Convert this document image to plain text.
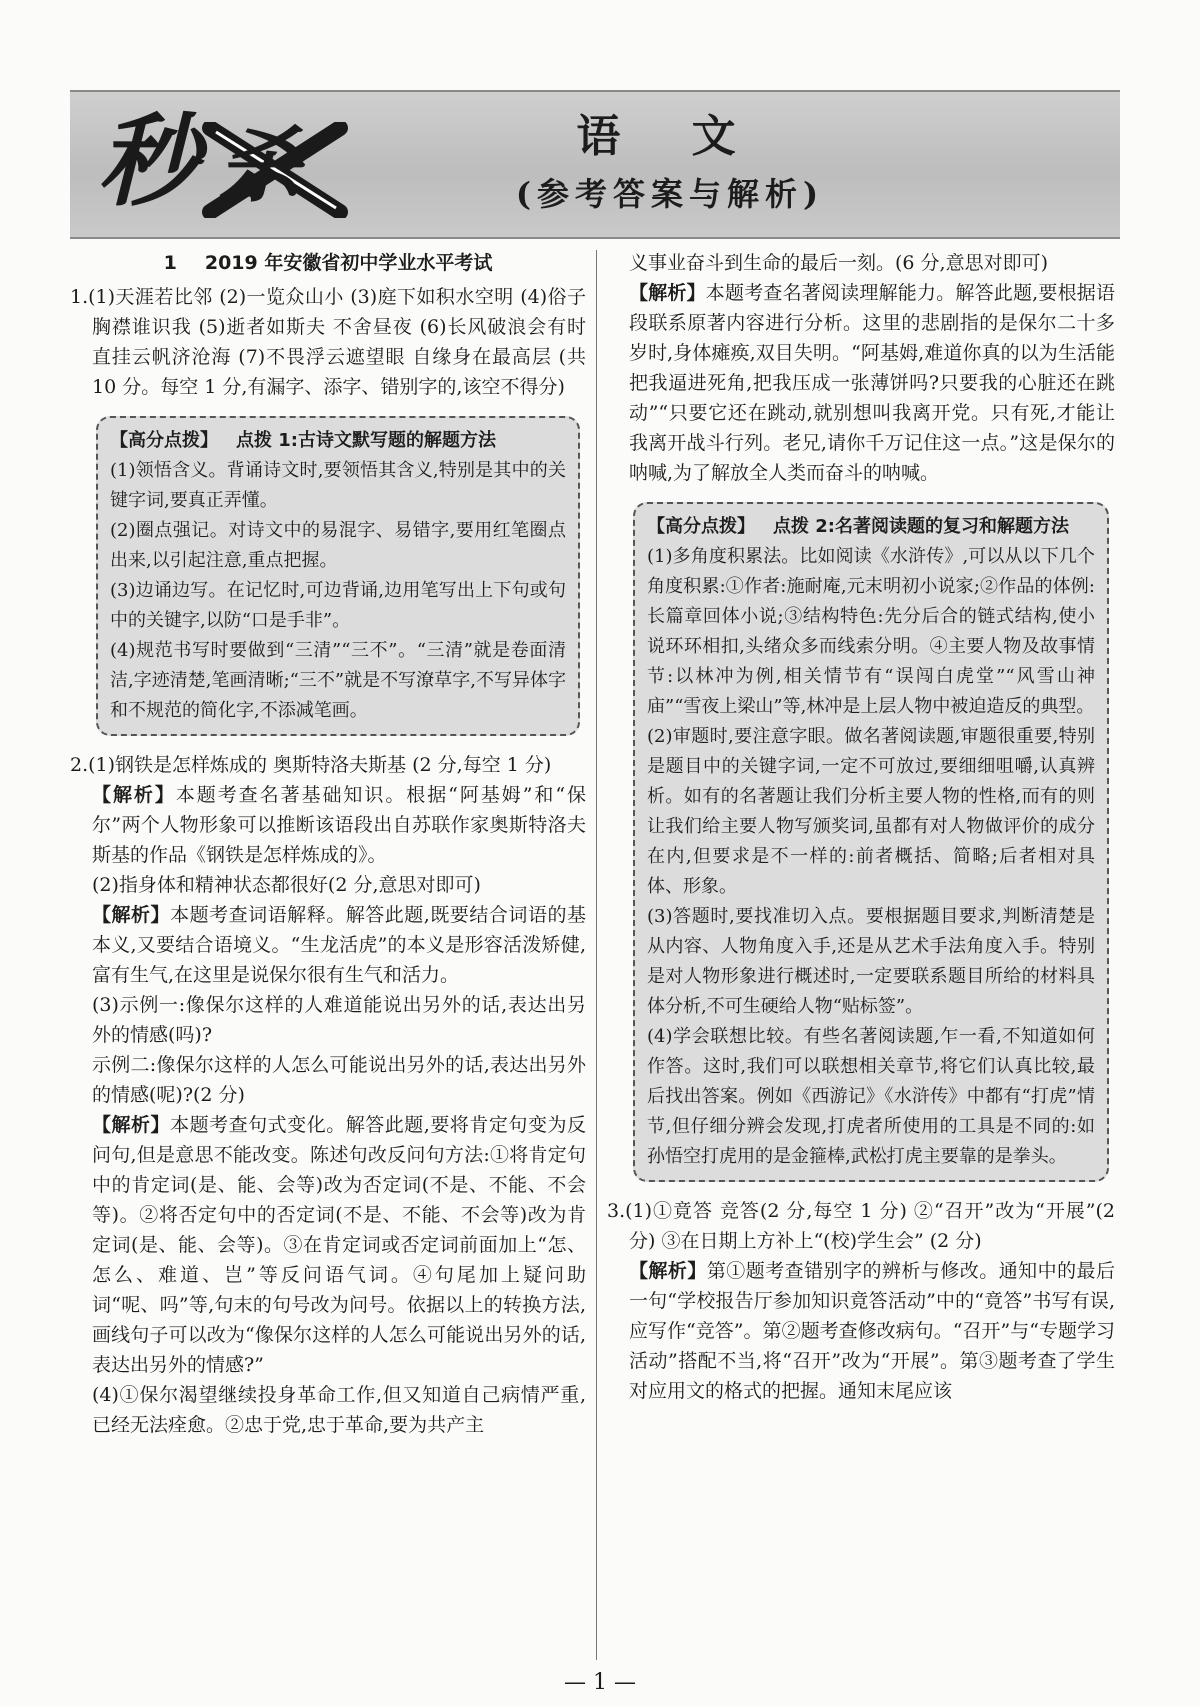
秒 杀	语 文
(参考答案与解析)

1 2019 年安徽省初中学业水平考试

1.(1)天涯若比邻 (2)一览众山小 (3)庭下如积水空明 (4)俗子胸襟谁识我 (5)逝者如斯夫 不舍昼夜 (6)长风破浪会有时 直挂云帆济沧海 (7)不畏浮云遮望眼 自缘身在最高层 (共 10 分。每空 1 分,有漏字、添字、错别字的,该空不得分)

【高分点拨】 点拨 1:古诗文默写题的解题方法

(1)领悟含义。背诵诗文时,要领悟其含义,特别是其中的关键字词,要真正弄懂。

(2)圈点强记。对诗文中的易混字、易错字,要用红笔圈点出来,以引起注意,重点把握。

(3)边诵边写。在记忆时,可边背诵,边用笔写出上下句或句中的关键字,以防“口是手非”。

(4)规范书写时要做到“三清”“三不”。“三清”就是卷面清洁,字迹清楚,笔画清晰;“三不”就是不写潦草字,不写异体字和不规范的简化字,不添减笔画。

2.(1)钢铁是怎样炼成的 奥斯特洛夫斯基 (2 分,每空 1 分)

【解析】本题考查名著基础知识。根据“阿基姆”和“保尔”两个人物形象可以推断该语段出自苏联作家奥斯特洛夫斯基的作品《钢铁是怎样炼成的》。

(2)指身体和精神状态都很好(2 分,意思对即可)

【解析】本题考查词语解释。解答此题,既要结合词语的基本义,又要结合语境义。“生龙活虎”的本义是形容活泼矫健,富有生气,在这里是说保尔很有生气和活力。

(3)示例一:像保尔这样的人难道能说出另外的话,表达出另外的情感(吗)?

示例二:像保尔这样的人怎么可能说出另外的话,表达出另外的情感(呢)?(2 分)

【解析】本题考查句式变化。解答此题,要将肯定句变为反问句,但是意思不能改变。陈述句改反问句方法:①将肯定句中的肯定词(是、能、会等)改为否定词(不是、不能、不会等)。②将否定句中的否定词(不是、不能、不会等)改为肯定词(是、能、会等)。③在肯定词或否定词前面加上“怎、怎么、难道、岂”等反问语气词。④句尾加上疑问助词“呢、吗”等,句末的句号改为问号。依据以上的转换方法,画线句子可以改为“像保尔这样的人怎么可能说出另外的话,表达出另外的情感?”

(4)①保尔渴望继续投身革命工作,但又知道自己病情严重,已经无法痊愈。②忠于党,忠于革命,要为共产主

义事业奋斗到生命的最后一刻。(6 分,意思对即可)

【解析】本题考查名著阅读理解能力。解答此题,要根据语段联系原著内容进行分析。这里的悲剧指的是保尔二十多岁时,身体瘫痪,双目失明。“阿基姆,难道你真的以为生活能把我逼进死角,把我压成一张薄饼吗?只要我的心脏还在跳动”“只要它还在跳动,就别想叫我离开党。只有死,才能让我离开战斗行列。老兄,请你千万记住这一点。”这是保尔的呐喊,为了解放全人类而奋斗的呐喊。

【高分点拨】 点拨 2:名著阅读题的复习和解题方法

(1)多角度积累法。比如阅读《水浒传》,可以从以下几个角度积累:①作者:施耐庵,元末明初小说家;②作品的体例:长篇章回体小说;③结构特色:先分后合的链式结构,使小说环环相扣,头绪众多而线索分明。④主要人物及故事情节:以林冲为例,相关情节有“误闯白虎堂”“风雪山神庙”“雪夜上梁山”等,林冲是上层人物中被迫造反的典型。

(2)审题时,要注意字眼。做名著阅读题,审题很重要,特别是题目中的关键字词,一定不可放过,要细细咀嚼,认真辨析。如有的名著题让我们分析主要人物的性格,而有的则让我们给主要人物写颁奖词,虽都有对人物做评价的成分在内,但要求是不一样的:前者概括、简略;后者相对具体、形象。

(3)答题时,要找准切入点。要根据题目要求,判断清楚是从内容、人物角度入手,还是从艺术手法角度入手。特别是对人物形象进行概述时,一定要联系题目所给的材料具体分析,不可生硬给人物“贴标签”。

(4)学会联想比较。有些名著阅读题,乍一看,不知道如何作答。这时,我们可以联想相关章节,将它们认真比较,最后找出答案。例如《西游记》《水浒传》中都有“打虎”情节,但仔细分辨会发现,打虎者所使用的工具是不同的:如孙悟空打虎用的是金箍棒,武松打虎主要靠的是拳头。

3.(1)①竟答 竞答(2 分,每空 1 分) ②“召开”改为“开展”(2 分) ③在日期上方补上“(校)学生会” (2 分)

【解析】第①题考查错别字的辨析与修改。通知中的最后一句“学校报告厅参加知识竟答活动”中的“竟答”书写有误,应写作“竞答”。第②题考查修改病句。“召开”与“专题学习活动”搭配不当,将“召开”改为“开展”。第③题考查了学生对应用文的格式的把握。通知末尾应该

— 1 —
